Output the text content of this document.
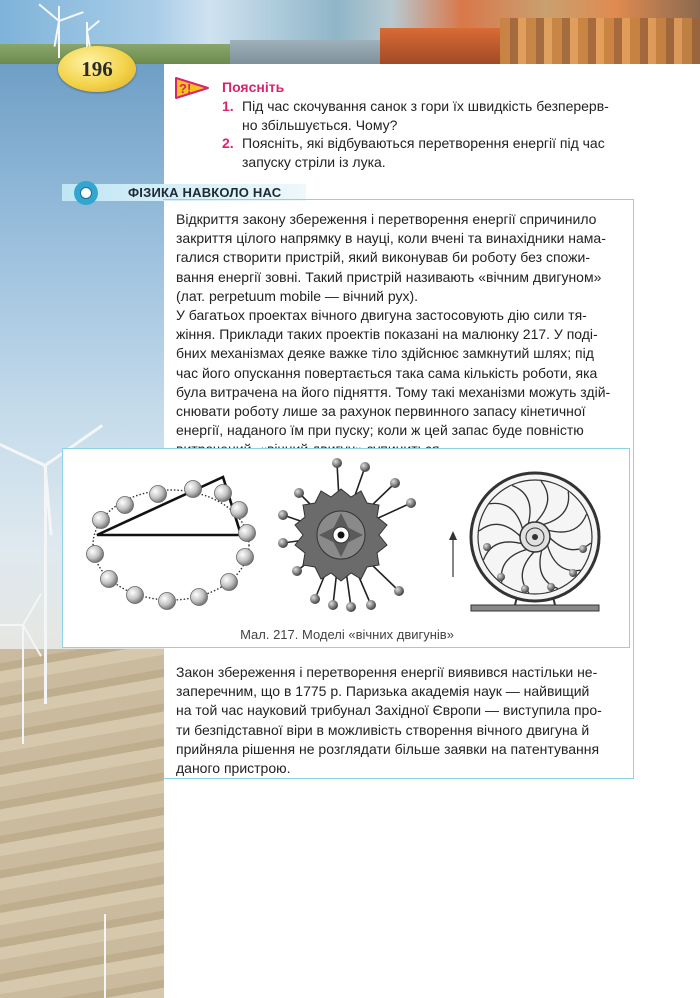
196
?! Поясніть
1. Під час скочування санок з гори їх швидкість безперерв-
но збільшується. Чому?
2. Поясніть, які відбуваються перетворення енергії під час
запуску стріли із лука.
ФІЗИКА НАВКОЛО НАС
Відкриття закону збереження і перетворення енергії спричинило
закриття цілого напрямку в науці, коли вчені та винахідники нама-
галися створити пристрій, який виконував би роботу без спожи-
вання енергії зовні. Такий пристрій називають «вічним двигуном»
(лат. perpetuum mobile — вічний рух).
У багатьох проектах вічного двигуна застосовують дію сили тя-
жіння. Приклади таких проектів показані на малюнку 217. У поді-
бних механізмах деяке важке тіло здійснює замкнутий шлях; під
час його опускання повертається така сама кількість роботи, яка
була витрачена на його підняття. Тому такі механізми можуть здій-
снювати роботу лише за рахунок первинного запасу кінетичної
енергії, наданого їм при пуску; коли ж цей запас буде повністю
Мал. 217. Моделі «вічних двигунів»
Закон збереження і перетворення енергії виявився настільки не-
заперечним, що в 1775 р. Паризька академія наук — найвищий
на той час науковий трибунал Західної Європи — виступила про-
ти безпідставної віри в можливість створення вічного двигуна й
прийняла рішення не розглядати більше заявки на патентування
даного пристрою.
